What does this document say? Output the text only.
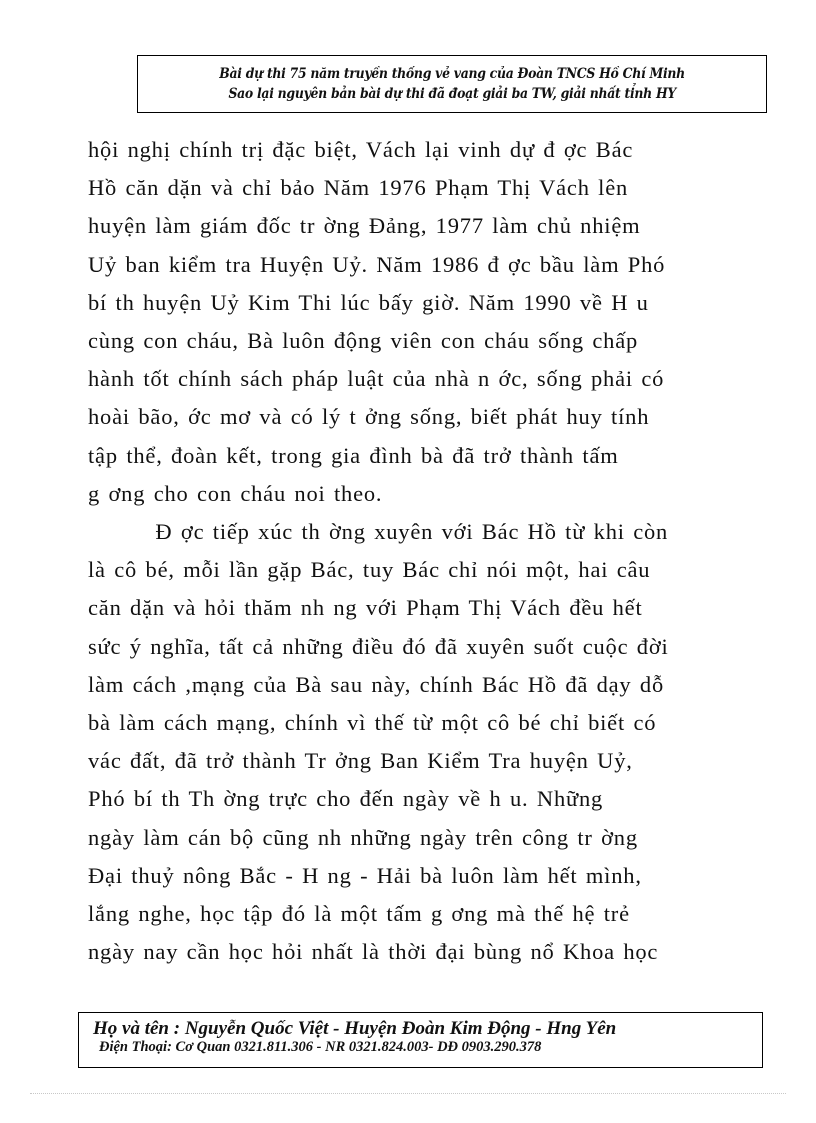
Bài dự thi 75 năm truyền thống vẻ vang của Đoàn TNCS Hồ Chí Minh
Sao lại nguyên bản bài dự thi đã đoạt giải ba TW, giải nhất tỉnh HY
hội nghị chính trị đặc biệt, Vách lại vinh dự đ ợc Bác
Hồ căn dặn và chỉ bảo Năm 1976 Phạm Thị Vách lên
huyện làm giám đốc tr ờng Đảng, 1977 làm chủ nhiệm
Uỷ ban kiểm tra Huyện Uỷ. Năm 1986 đ ợc bầu làm Phó
bí th huyện Uỷ Kim Thi lúc bấy giờ. Năm 1990 về H u
cùng con cháu, Bà luôn động viên con cháu sống chấp
hành tốt chính sách pháp luật của nhà n ớc, sống phải có
hoài bão, ớc mơ và có lý t ởng sống, biết phát huy tính
tập thể, đoàn kết, trong gia đình bà đã trở thành tấm
g ơng cho con cháu noi theo.
Đ ợc tiếp xúc th ờng xuyên với Bác Hồ từ khi còn
là cô bé, mỗi lần gặp Bác, tuy Bác chỉ nói một, hai câu
căn dặn và hỏi thăm nh ng với Phạm Thị Vách đều hết
sức ý nghĩa, tất cả những điều đó đã xuyên suốt cuộc đời
làm cách ,mạng của Bà sau này, chính Bác Hồ đã dạy dỗ
bà làm cách mạng, chính vì thế từ một cô bé chỉ biết có
vác đất, đã trở thành Tr ởng Ban Kiểm Tra huyện Uỷ,
Phó bí th Th ờng trực cho đến ngày về h u. Những
ngày làm cán bộ cũng nh những ngày trên công tr ờng
Đại thuỷ nông Bắc - H ng - Hải bà luôn làm hết mình,
lắng nghe, học tập đó là một tấm g ơng mà thế hệ trẻ
ngày nay cần học hỏi nhất là thời đại bùng nổ Khoa học
Họ và tên : Nguyễn Quốc Việt - Huyện Đoàn Kim Động - Hng Yên
Điện Thoại: Cơ Quan 0321.811.306 - NR 0321.824.003- DĐ 0903.290.378
